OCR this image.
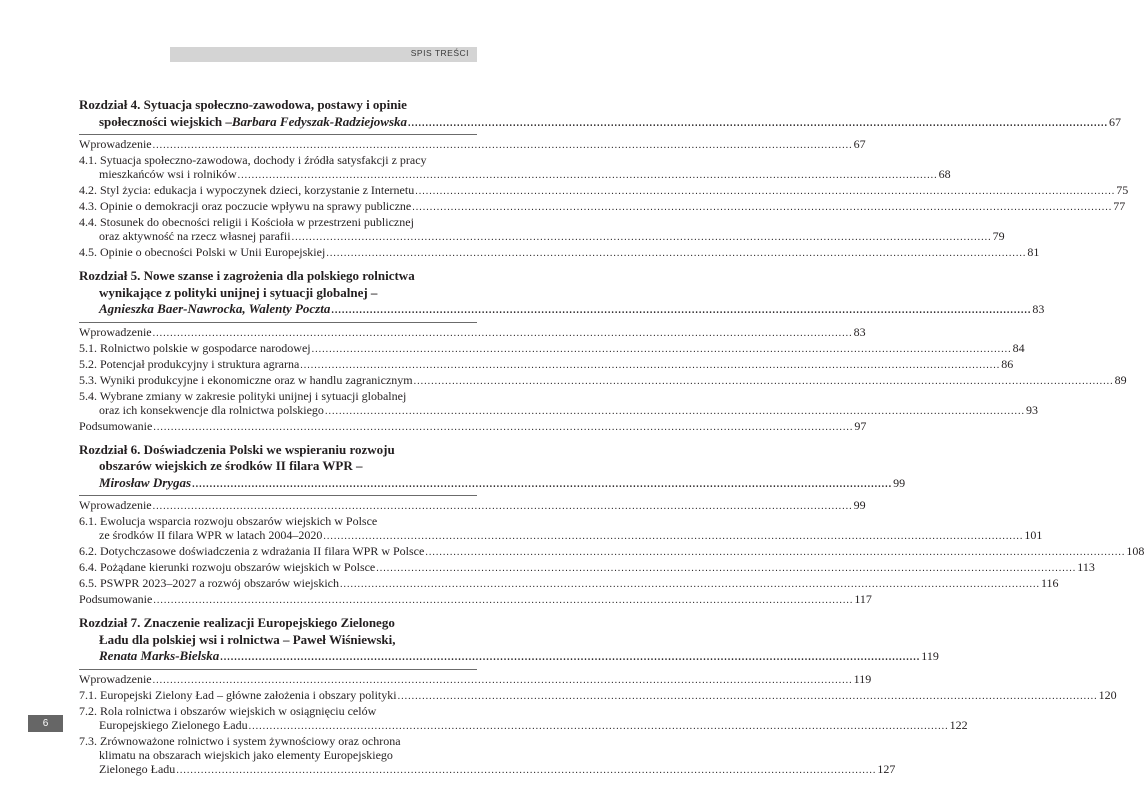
SPIS TREŚCI
Rozdział 4. Sytuacja społeczno-zawodowa, postawy i opinie
społeczności wiejskich – Barbara Fedyszak-Radziejowska ........................................................................................................................................................................................................ 67
Wprowadzenie ........................................................................................................................................................................................................ 67
4.1. Sytuacja społeczno-zawodowa, dochody i źródła satysfakcji z pracy
mieszkańców wsi i rolników ........................................................................................................................................................................................................ 68
4.2. Styl życia: edukacja i wypoczynek dzieci, korzystanie z Internetu ........................................................................................................................................................................................................ 75
4.3. Opinie o demokracji oraz poczucie wpływu na sprawy publiczne ........................................................................................................................................................................................................ 77
4.4. Stosunek do obecności religii i Kościoła w przestrzeni publicznej
oraz aktywność na rzecz własnej parafii ........................................................................................................................................................................................................ 79
4.5. Opinie o obecności Polski w Unii Europejskiej ........................................................................................................................................................................................................ 81
Rozdział 5. Nowe szanse i zagrożenia dla polskiego rolnictwa
wynikające z polityki unijnej i sytuacji globalnej –
Agnieszka Baer-Nawrocka, Walenty Poczta ........................................................................................................................................................................................................ 83
Wprowadzenie ........................................................................................................................................................................................................ 83
5.1. Rolnictwo polskie w gospodarce narodowej ........................................................................................................................................................................................................ 84
5.2. Potencjał produkcyjny i struktura agrarna ........................................................................................................................................................................................................ 86
5.3. Wyniki produkcyjne i ekonomiczne oraz w handlu zagranicznym ........................................................................................................................................................................................................ 89
5.4. Wybrane zmiany w zakresie polityki unijnej i sytuacji globalnej
oraz ich konsekwencje dla rolnictwa polskiego ........................................................................................................................................................................................................ 93
Podsumowanie ........................................................................................................................................................................................................ 97
Rozdział 6. Doświadczenia Polski we wspieraniu rozwoju
obszarów wiejskich ze środków II filara WPR –
Mirosław Drygas ........................................................................................................................................................................................................ 99
Wprowadzenie ........................................................................................................................................................................................................ 99
6.1. Ewolucja wsparcia rozwoju obszarów wiejskich w Polsce
ze środków II filara WPR w latach 2004–2020 ........................................................................................................................................................................................................ 101
6.2. Dotychczasowe doświadczenia z wdrażania II filara WPR w Polsce ........................................................................................................................................................................................................ 108
6.4. Pożądane kierunki rozwoju obszarów wiejskich w Polsce ........................................................................................................................................................................................................ 113
6.5. PSWPR 2023–2027 a rozwój obszarów wiejskich ........................................................................................................................................................................................................ 116
Podsumowanie ........................................................................................................................................................................................................ 117
Rozdział 7. Znaczenie realizacji Europejskiego Zielonego
Ładu dla polskiej wsi i rolnictwa – Paweł Wiśniewski,
Renata Marks-Bielska ........................................................................................................................................................................................................ 119
Wprowadzenie ........................................................................................................................................................................................................ 119
7.1. Europejski Zielony Ład – główne założenia i obszary polityki ........................................................................................................................................................................................................ 120
7.2. Rola rolnictwa i obszarów wiejskich w osiągnięciu celów
Europejskiego Zielonego Ładu ........................................................................................................................................................................................................ 122
7.3. Zrównoważone rolnictwo i system żywnościowy oraz ochrona
klimatu na obszarach wiejskich jako elementy Europejskiego
Zielonego Ładu ........................................................................................................................................................................................................ 127
6
